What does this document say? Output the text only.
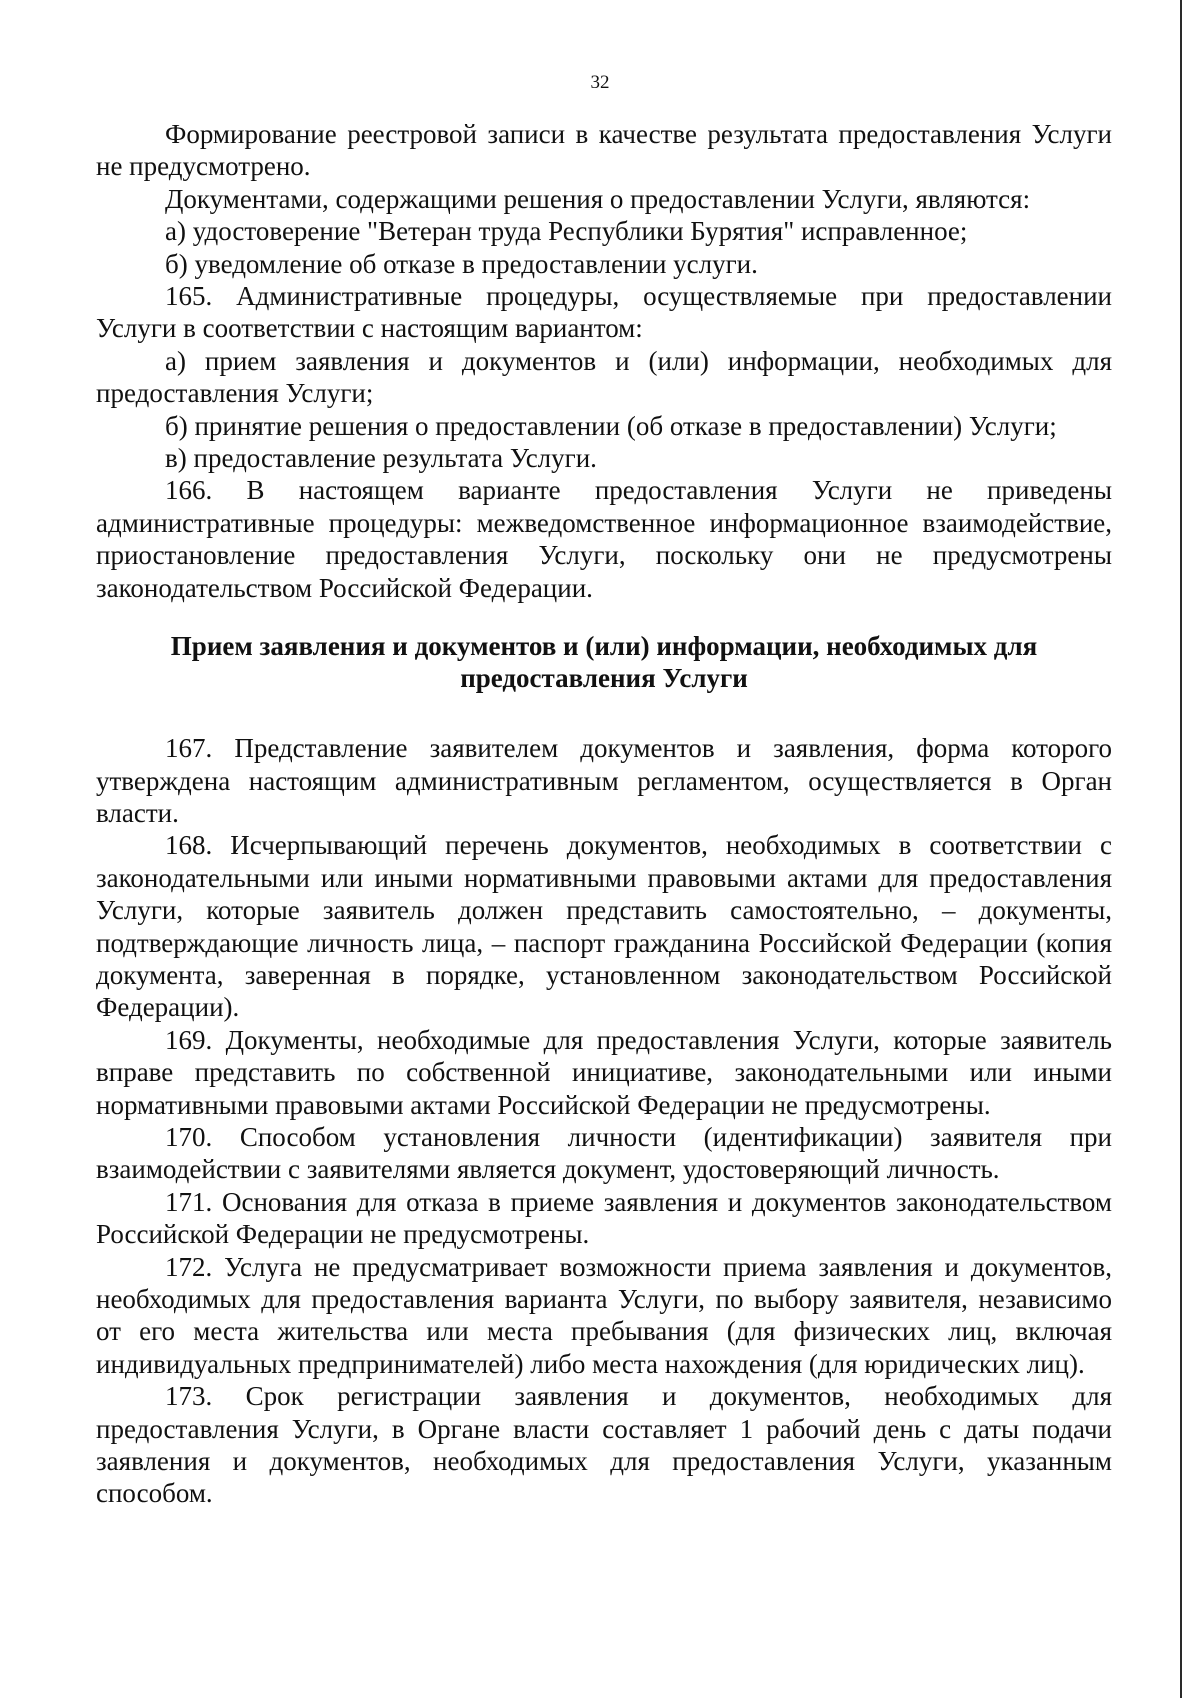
32

Формирование реестровой записи в качестве результата предоставления Услуги не предусмотрено.

Документами, содержащими решения о предоставлении Услуги, являются:

а) удостоверение "Ветеран труда Республики Бурятия" исправленное;

б) уведомление об отказе в предоставлении услуги.

165. Административные процедуры, осуществляемые при предоставлении Услуги в соответствии с настоящим вариантом:

а) прием заявления и документов и (или) информации, необходимых для предоставления Услуги;

б) принятие решения о предоставлении (об отказе в предоставлении) Услуги;

в) предоставление результата Услуги.

166. В настоящем варианте предоставления Услуги не приведены административные процедуры: межведомственное информационное взаимодействие, приостановление предоставления Услуги, поскольку они не предусмотрены законодательством Российской Федерации.

Прием заявления и документов и (или) информации, необходимых для
предоставления Услуги

167. Представление заявителем документов и заявления, форма которого утверждена настоящим административным регламентом, осуществляется в Орган власти.

168. Исчерпывающий перечень документов, необходимых в соответствии с законодательными или иными нормативными правовыми актами для предоставления Услуги, которые заявитель должен представить самостоятельно, – документы, подтверждающие личность лица, – паспорт гражданина Российской Федерации (копия документа, заверенная в порядке, установленном законодательством Российской Федерации).

169. Документы, необходимые для предоставления Услуги, которые заявитель вправе представить по собственной инициативе, законодательными или иными нормативными правовыми актами Российской Федерации не предусмотрены.

170. Способом установления личности (идентификации) заявителя при взаимодействии с заявителями является документ, удостоверяющий личность.

171. Основания для отказа в приеме заявления и документов законодательством Российской Федерации не предусмотрены.

172. Услуга не предусматривает возможности приема заявления и документов, необходимых для предоставления варианта Услуги, по выбору заявителя, независимо от его места жительства или места пребывания (для физических лиц, включая индивидуальных предпринимателей) либо места нахождения (для юридических лиц).

173. Срок регистрации заявления и документов, необходимых для предоставления Услуги, в Органе власти составляет 1 рабочий день с даты подачи заявления и документов, необходимых для предоставления Услуги, указанным способом.
